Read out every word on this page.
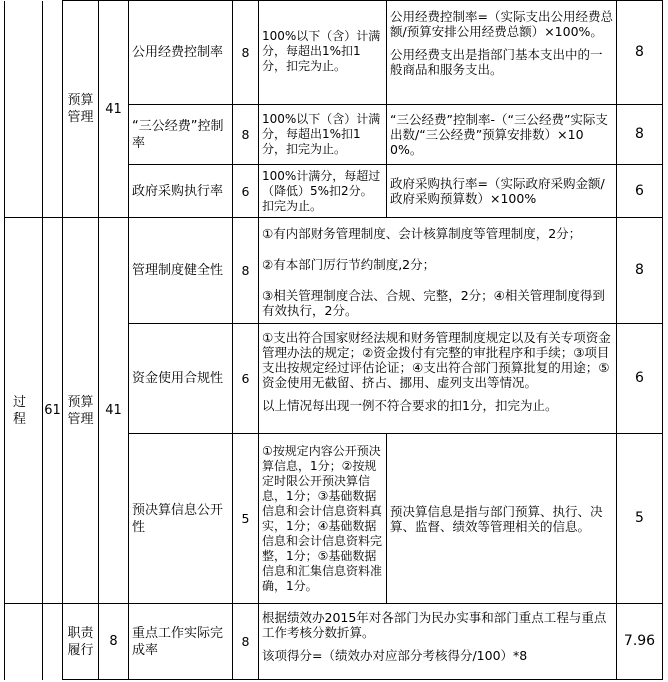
		预算管理	41	公用经费控制率	8	100%以下（含）计满分，每超出1%扣1分，扣完为止。	公用经费控制率=（实际支出公用经费总额/预算安排公用经费总额）×100%。

公用经费支出是指部门基本支出中的一般商品和服务支出。	8
				“三公经费”控制率	8	100%以下（含）计满分，每超出1%扣1分，扣完为止。	“三公经费”控制率-（“三公经费”实际支出数/“三公经费”预算安排数）×100%。	8
				政府采购执行率	6	100%计满分，每超过（降低）5%扣2分。扣完为止。	政府采购执行率=（实际政府采购金额/政府采购预算数）×100%	6
过程	61	预算管理	41	管理制度健全性	8	①有内部财务管理制度、会计核算制度等管理制度，2分；

②有本部门厉行节约制度,2分；

③相关管理制度合法、合规、完整，2分；④相关管理制度得到有效执行，2分。		8
				资金使用合规性	6	①支出符合国家财经法规和财务管理制度规定以及有关专项资金管理办法的规定；②资金拨付有完整的审批程序和手续；③项目支出按规定经过评估论证；④支出符合部门预算批复的用途；⑤资金使用无截留、挤占、挪用、虚列支出等情况。

以上情况每出现一例不符合要求的扣1分，扣完为止。		6
				预决算信息公开性	5	①按规定内容公开预决算信息，1分；②按规定时限公开预决算信息，1分；③基础数据信息和会计信息资料真实，1分；④基础数据信息和会计信息资料完整，1分；⑤基础数据信息和汇集信息资料准确，1分。	预决算信息是指与部门预算、执行、决算、监督、绩效等管理相关的信息。	5
		职责履行	8	重点工作实际完成率	8	根据绩效办2015年对各部门为民办实事和部门重点工程与重点工作考核分数折算。

该项得分=（绩效办对应部分考核得分/100）*8		7.96
